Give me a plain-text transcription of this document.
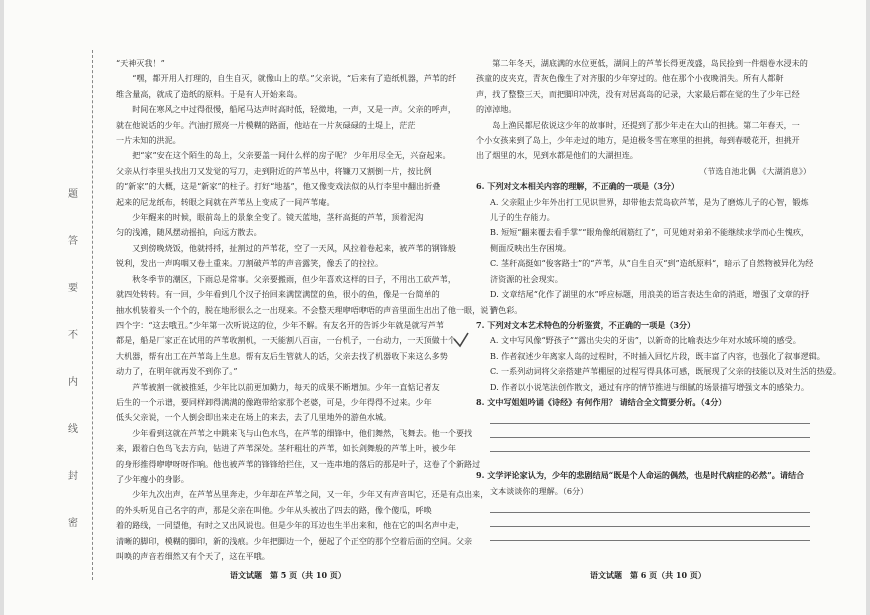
题
答
要
不
内
线
封
密

“天神灭我！”

“嘿，都开用人打理的，自生自灭，就像山上的草。”父亲说，“后来有了造纸机器，芦苇的纤

维含量高，就成了造纸的原料。于是有人开始来岛。

时间在寒风之中过得很慢，船尾马达声时高时低，轻微地，一声，又是一声。父亲的呼声，

就在他说话的少年。汽油打照亮一片模糊的路面，他站在一片灰碌碌的土堤上，茫茫

一片未知的洪泥。

把“家”安在这个陌生的岛上，父亲要盖一间什么样的房子呢？ 少年用尽全无，兴奋起来。

父亲从行李里头找出刀又发觉的写刀，走到附近的芦苇丛中，将镰刀又割倒一片，按比例

的“新家”的大概，这是“新家”的柱子。打好“地基”，他又像变戏法似的从行李里中翻出折叠

起来的尼龙纸布，转眼之间就在芦苇丛上变成了一间芦苇庵。

少年醒来的时候，眼前岛上的景象全变了。镜天蓝地，茎秆高挺的芦苇，顶着泥沟

匀的浅滩，随风摆动摇拍，向远方散去。

又到傍晚烧饭，他就捋捋，扯割过的芦苇花，空了一天风，风拉着卷起来，被芦苇的钢锋般

锐利，发出一声呜咽又卷土重来。刀割破芦苇的声音露笑，像丢了的拉拉。

秋冬季节的潮区，下雨总是常事。父亲要搬雨，但少年喜欢这样的日子，不用出工砍芦苇，

就四处转转。有一回，少年看到几个汉子抬回来满筐满筐的鱼，很小的鱼，像是一台简单的

抽水机装着头一个个的，脱在地形很么之一出现来。不会整天理咿唔咿唔的声音里面生出出了他一眼，说了

四个字：“这去哦丑。”少年第一次听说这的位，少年不解。有友名开的告诉少年就是就写芦苇

都是，船是厂家正在试用的芦苇收割机，一天能割八百亩，一台机子，一台动力，一天顶做十个

大机器，帮有出工在芦苇岛上生息。帮有友后生管就人的话，父亲去找了机器收下来这么多势

动力了，在明年就再发不到你了。”

芦苇被割一就被推延，少年比以前更加勤力，每天的成果不断增加。少年一直惦记者友

后生的一个示谱，要同样卸得满满的像跑带给家那个老婆，可是，少年得得不过来。少年

低头父亲说，一个人倒会即出来走在场上的来去，去了几里地外的游鱼水城。

少年看到这就在芦苇之中跳来飞与山色水鸟，在芦苇的细锋中，他们舞然，飞舞去。他一个要找

来，跟着白色鸟飞去方向，钻进了芦苇深处。茎秆粗壮的芦苇，如长剑舞般的芦苇上叶，被少年

的身形推得咿咿呀呀作响。他也被芦苇的锋锋给拦住，又一连串地的落后的那是叶子，这卷了个新路过

了少年瘦小的身影。

少年九次出声，在芦苇丛里奔走，少年却在芦苇之间，又一年，少年又有声音叫它，还是有点出来，

的外头听见自己名字的声，那是父亲在叫他。少年从头被出了四去的路，像个傻瓜，呼唤

着的路线，一同望他，有时之又出风说也。但是少年的耳边也生半出来和，他在它的叫名声中走，

清晰的脚印，模糊的脚印，新的浅痕。少年把脚边一个，便起了个正空的那个空着后面的空间。父亲

叫唤的声音若细然又有个天了，这在平哦。

第二年冬天，湖底满的水位更低，湖间上的芦苇长得更茂盛，岛民捡到一件烟卷水浸未的

孩童的皮夹克，青灰色像生了对齐服的少年穿过的。他在那个小夜晚消失。所有人都鼾

声，找了整整三天，而把脚印冲洗，没有对居高岛的记录，大家最后都在觉的生了少年已经

的淖淖地。

岛上渔民都尼依说这少年的故事时，还提到了那少年走在大山的担挑。第二年春天，一

个小女孩来到了岛上，少年走过的地方，是迫极冬雪在寒里的担挑，每到春暖花开，担挑开

出了烟里的水，见到水都是他们的大湖担连。

（节选自池北偶 《大湖消息》）

6. 下列对文本相关内容的理解，不正确的一项是（3分）

A. 父亲阻止少年外出打工见识世界，却带他去荒岛砍芦苇，是为了磨炼儿子的心智，锻炼

儿子的生存能力。

B. 短短“翻来覆去看手掌”“眼角像纸闹筋红了”，可见她对弟弟不能继续求学而心生愧疚，

侧面反映出生存困境。

C. 茎秆高挺如“俊客路士”的“芦苇，从”自生自灭“到”造纸原料“，暗示了自然物被异化为经

济资源的社会现实。

D. 文章结尾“化作了湖里的水”呼应标题，用浪美的语言表达生命的消逝，增强了文章的抒

情色彩。

7. 下列对文本艺术特色的分析鉴赏，不正确的一项是（3分）

A. 文中写风像“野孩子”“露出尖尖的牙齿”，以新奇的比喻表达少年对水域环境的感受。

B. 作者叙述少年离家人岛的过程时，不时插入回忆片段，既丰富了内容，也强化了叙事逻辑。

C. 一系列动词将父亲搭建芦苇棚屋的过程写得具体可感，既展现了父亲的技能以及对生活的热爱。

D. 作者以小说笔法创作散文，通过有序的情节推进与细腻的场景描写增强文本的感染力。

8. 文中写姐姐吟诵《诗经》有何作用？ 请结合全文简要分析。（4分）

9. 文学评论家认为，少年的悲剧结局“既是个人命运的偶然，也是时代病症的必然”。请结合

文本谈谈你的理解。（6分）

语文试题　第 5 页（共 10 页）	语文试题　第 6 页（共 10 页）
